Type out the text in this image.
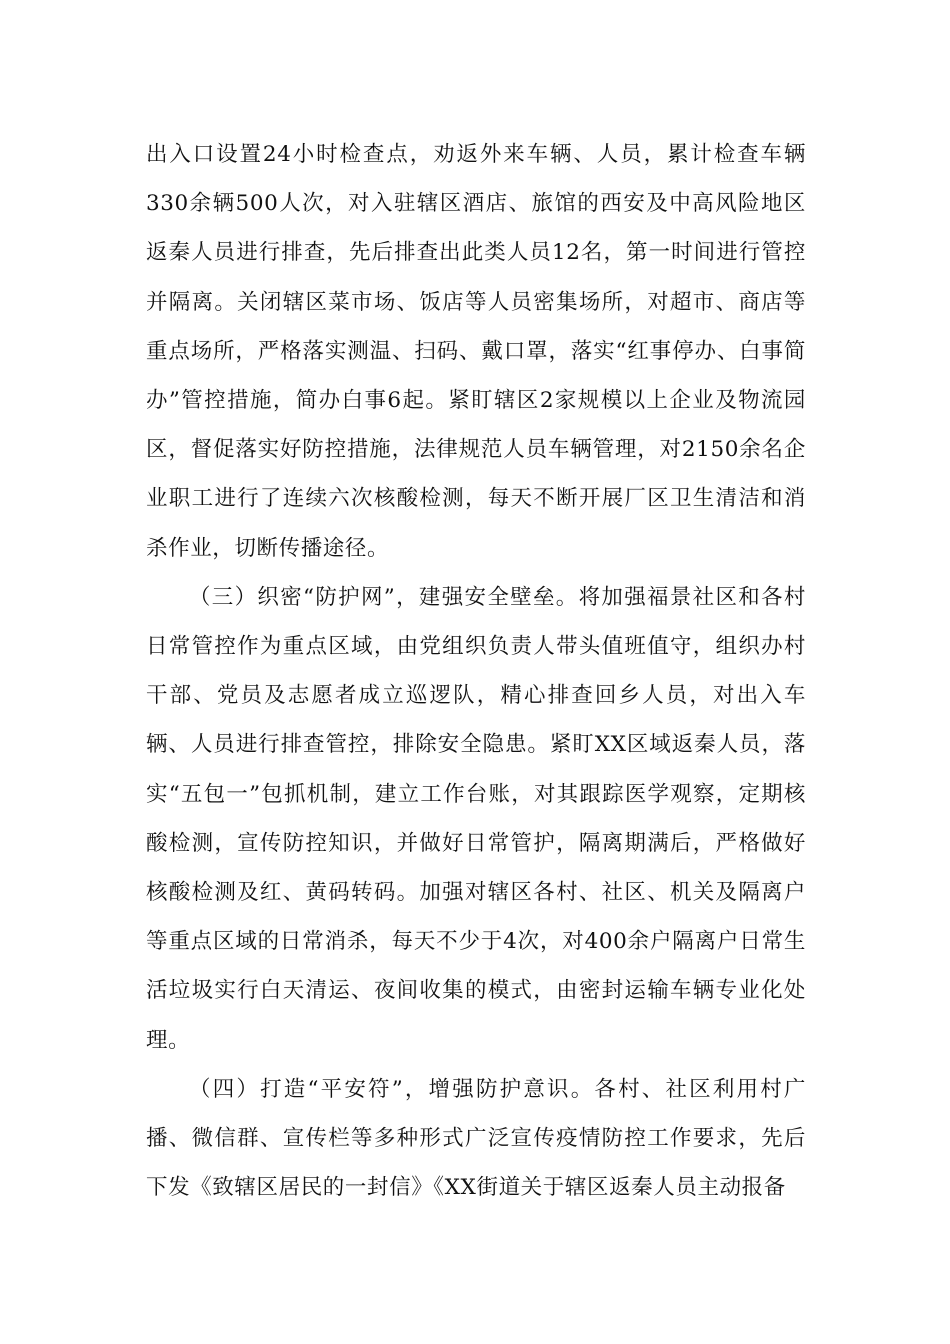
出入口设置24小时检查点，劝返外来车辆、人员，累计检查车辆330余辆500人次，对入驻辖区酒店、旅馆的西安及中高风险地区返秦人员进行排查，先后排查出此类人员12名，第一时间进行管控并隔离。关闭辖区菜市场、饭店等人员密集场所，对超市、商店等重点场所，严格落实测温、扫码、戴口罩，落实“红事停办、白事简办”管控措施，简办白事6起。紧盯辖区2家规模以上企业及物流园区，督促落实好防控措施，法律规范人员车辆管理，对2150余名企业职工进行了连续六次核酸检测，每天不断开展厂区卫生清洁和消杀作业，切断传播途径。

（三）织密“防护网”，建强安全壁垒。将加强福景社区和各村日常管控作为重点区域，由党组织负责人带头值班值守，组织办村干部、党员及志愿者成立巡逻队，精心排查回乡人员，对出入车辆、人员进行排查管控，排除安全隐患。紧盯XX区域返秦人员，落实“五包一”包抓机制，建立工作台账，对其跟踪医学观察，定期核酸检测，宣传防控知识，并做好日常管护，隔离期满后，严格做好核酸检测及红、黄码转码。加强对辖区各村、社区、机关及隔离户等重点区域的日常消杀，每天不少于4次，对400余户隔离户日常生活垃圾实行白天清运、夜间收集的模式，由密封运输车辆专业化处理。

（四）打造“平安符”，增强防护意识。各村、社区利用村广播、微信群、宣传栏等多种形式广泛宣传疫情防控工作要求，先后下发《致辖区居民的一封信》《XX街道关于辖区返秦人员主动报备
